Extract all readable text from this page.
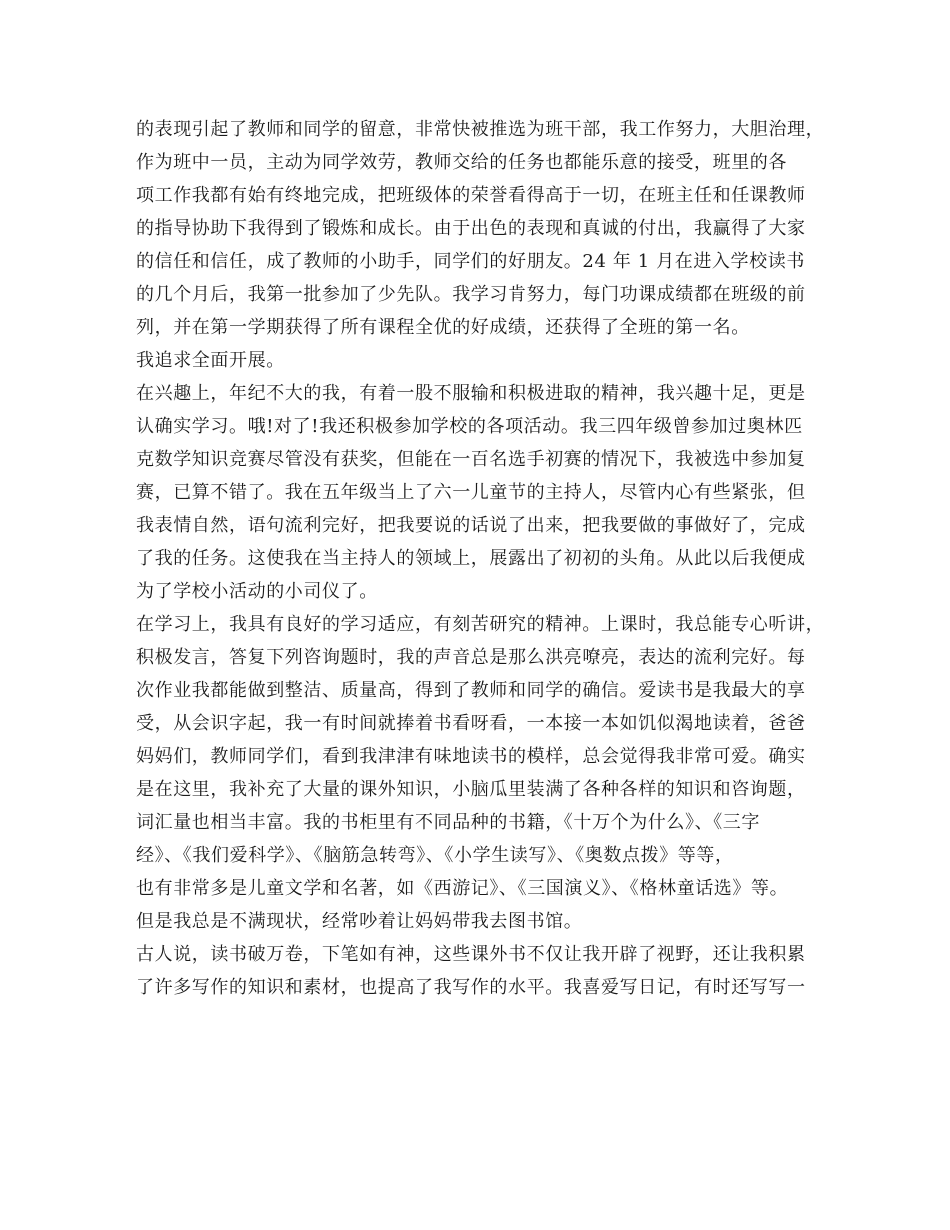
的表现引起了教师和同学的留意，非常快被推选为班干部，我工作努力，大胆治理，
作为班中一员，主动为同学效劳，教师交给的任务也都能乐意的接受，班里的各
项工作我都有始有终地完成，把班级体的荣誉看得高于一切，在班主任和任课教师
的指导协助下我得到了锻炼和成长。由于出色的表现和真诚的付出，我赢得了大家
的信任和信任，成了教师的小助手，同学们的好朋友。24 年 1 月在进入学校读书
的几个月后，我第一批参加了少先队。我学习肯努力，每门功课成绩都在班级的前
列，并在第一学期获得了所有课程全优的好成绩，还获得了全班的第一名。
我追求全面开展。
在兴趣上，年纪不大的我，有着一股不服输和积极进取的精神，我兴趣十足，更是
认确实学习。哦!对了!我还积极参加学校的各项活动。我三四年级曾参加过奥林匹
克数学知识竞赛尽管没有获奖，但能在一百名选手初赛的情况下，我被选中参加复
赛，已算不错了。我在五年级当上了六一儿童节的主持人，尽管内心有些紧张，但
我表情自然，语句流利完好，把我要说的话说了出来，把我要做的事做好了，完成
了我的任务。这使我在当主持人的领域上，展露出了初初的头角。从此以后我便成
为了学校小活动的小司仪了。
在学习上，我具有良好的学习适应，有刻苦研究的精神。上课时，我总能专心听讲，
积极发言，答复下列咨询题时，我的声音总是那么洪亮嘹亮，表达的流利完好。每
次作业我都能做到整洁、质量高，得到了教师和同学的确信。爱读书是我最大的享
受，从会识字起，我一有时间就捧着书看呀看，一本接一本如饥似渴地读着，爸爸
妈妈们，教师同学们，看到我津津有味地读书的模样，总会觉得我非常可爱。确实
是在这里，我补充了大量的课外知识，小脑瓜里装满了各种各样的知识和咨询题，
词汇量也相当丰富。我的书柜里有不同品种的书籍，《十万个为什么》、《三字
经》、《我们爱科学》、《脑筋急转弯》、《小学生读写》、《奥数点拨》等等，
也有非常多是儿童文学和名著，如《西游记》、《三国演义》、《格林童话选》等。
但是我总是不满现状，经常吵着让妈妈带我去图书馆。
古人说，读书破万卷，下笔如有神，这些课外书不仅让我开辟了视野，还让我积累
了许多写作的知识和素材，也提高了我写作的水平。我喜爱写日记，有时还写写一
